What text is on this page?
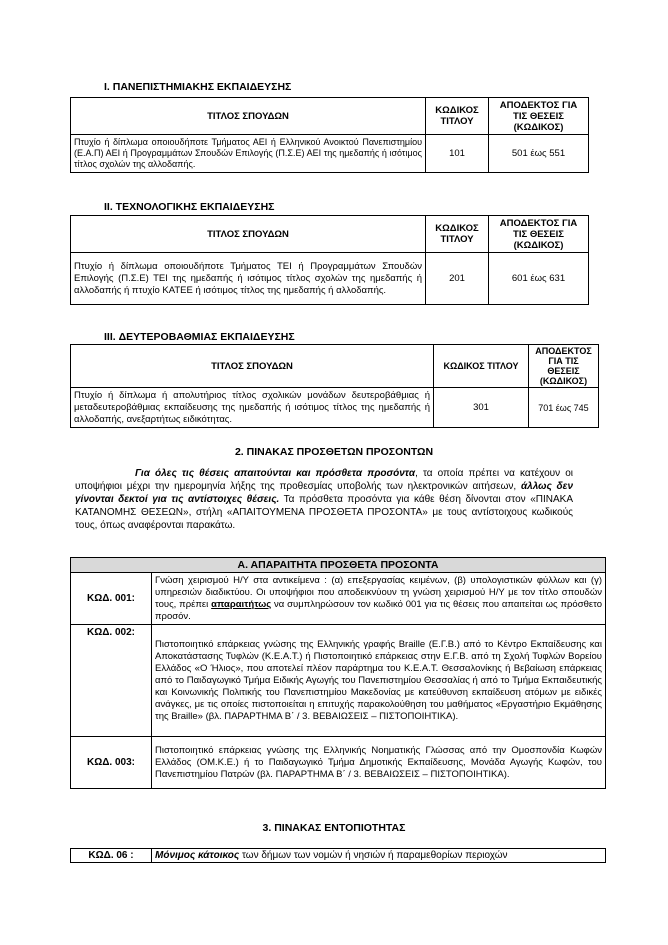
I. ΠΑΝΕΠΙΣΤΗΜΙΑΚΗΣ ΕΚΠΑΙΔΕΥΣΗΣ
ΤΙΤΛΟΣ ΣΠΟΥΔΩΝ	ΚΩΔΙΚΟΣ ΤΙΤΛΟΥ	ΑΠΟΔΕΚΤΟΣ ΓΙΑ ΤΙΣ ΘΕΣΕΙΣ (ΚΩΔΙΚΟΣ)
Πτυχίο ή δίπλωμα οποιουδήποτε Τμήματος ΑΕΙ ή Ελληνικού Ανοικτού Πανεπιστημίου (Ε.Α.Π) ΑΕΙ ή Προγραμμάτων Σπουδών Επιλογής (Π.Σ.Ε) ΑΕΙ της ημεδαπής ή ισότιμος τίτλος σχολών της αλλοδαπής.	101	501 έως 551
II. ΤΕΧΝΟΛΟΓΙΚΗΣ ΕΚΠΑΙΔΕΥΣΗΣ
ΤΙΤΛΟΣ ΣΠΟΥΔΩΝ	ΚΩΔΙΚΟΣ ΤΙΤΛΟΥ	ΑΠΟΔΕΚΤΟΣ ΓΙΑ ΤΙΣ ΘΕΣΕΙΣ (ΚΩΔΙΚΟΣ)
Πτυχίο ή δίπλωμα οποιουδήποτε Τμήματος ΤΕΙ ή Προγραμμάτων Σπουδών Επιλογής (Π.Σ.Ε) ΤΕΙ της ημεδαπής ή ισότιμος τίτλος σχολών της ημεδαπής ή αλλοδαπής ή πτυχίο ΚΑΤΕΕ ή ισότιμος τίτλος της ημεδαπής ή αλλοδαπής.	201	601 έως 631
III. ΔΕΥΤΕΡΟΒΑΘΜΙΑΣ ΕΚΠΑΙΔΕΥΣΗΣ
ΤΙΤΛΟΣ ΣΠΟΥΔΩΝ	ΚΩΔΙΚΟΣ ΤΙΤΛΟΥ	ΑΠΟΔΕΚΤΟΣ ΓΙΑ ΤΙΣ ΘΕΣΕΙΣ (ΚΩΔΙΚΟΣ)
Πτυχίο ή δίπλωμα ή απολυτήριος τίτλος σχολικών μονάδων δευτεροβάθμιας ή μεταδευτεροβάθμιας εκπαίδευσης της ημεδαπής ή ισότιμος τίτλος της ημεδαπής ή αλλοδαπής, ανεξαρτήτως ειδικότητας.	301	701 έως 745
2. ΠΙΝΑΚΑΣ ΠΡΟΣΘΕΤΩΝ ΠΡΟΣΟΝΤΩΝ
Για όλες τις θέσεις απαιτούνται και πρόσθετα προσόντα, τα οποία πρέπει να κατέχουν οι υποψήφιοι μέχρι την ημερομηνία λήξης της προθεσμίας υποβολής των ηλεκτρονικών αιτήσεων, άλλως δεν γίνονται δεκτοί για τις αντίστοιχες θέσεις. Τα πρόσθετα προσόντα για κάθε θέση δίνονται στον «ΠΙΝΑΚΑ ΚΑΤΑΝΟΜΗΣ ΘΕΣΕΩΝ», στήλη «ΑΠΑΙΤΟΥΜΕΝΑ ΠΡΟΣΘΕΤΑ ΠΡΟΣΟΝΤΑ» με τους αντίστοιχους κωδικούς τους, όπως αναφέρονται παρακάτω.
Α. ΑΠΑΡΑΙΤΗΤΑ ΠΡΟΣΘΕΤΑ ΠΡΟΣΟΝΤΑ	
ΚΩΔ. 001:	Γνώση χειρισμού Η/Υ στα αντικείμενα : (α) επεξεργασίας κειμένων, (β) υπολογιστικών φύλλων και (γ) υπηρεσιών διαδικτύου. Οι υποψήφιοι που αποδεικνύουν τη γνώση χειρισμού Η/Υ με τον τίτλο σπουδών τους, πρέπει απαραιτήτως να συμπληρώσουν τον κωδικό 001 για τις θέσεις που απαιτείται ως πρόσθετο προσόν.
ΚΩΔ. 002:	Πιστοποιητικό επάρκειας γνώσης της Ελληνικής γραφής Braille (Ε.Γ.Β.) από το Κέντρο Εκπαίδευσης και Αποκατάστασης Τυφλών (Κ.Ε.Α.Τ.) ή Πιστοποιητικό επάρκειας στην Ε.Γ.Β. από τη Σχολή Τυφλών Βορείου Ελλάδος «Ο Ήλιος», που αποτελεί πλέον παράρτημα του Κ.Ε.Α.Τ. Θεσσαλονίκης ή Βεβαίωση επάρκειας από το Παιδαγωγικό Τμήμα Ειδικής Αγωγής του Πανεπιστημίου Θεσσαλίας ή από το Τμήμα Εκπαιδευτικής και Κοινωνικής Πολιτικής του Πανεπιστημίου Μακεδονίας με κατεύθυνση εκπαίδευση ατόμων με ειδικές ανάγκες, με τις οποίες πιστοποιείται η επιτυχής παρακολούθηση του μαθήματος «Εργαστήριο Εκμάθησης της Braille» (βλ. ΠΑΡΑΡΤΗΜΑ Β΄ / 3. ΒΕΒΑΙΩΣΕΙΣ – ΠΙΣΤΟΠΟΙΗΤΙΚΑ).
ΚΩΔ. 003:	Πιστοποιητικό επάρκειας γνώσης της Ελληνικής Νοηματικής Γλώσσας από την Ομοσπονδία Κωφών Ελλάδος (ΟΜ.Κ.Ε.) ή το Παιδαγωγικό Τμήμα Δημοτικής Εκπαίδευσης, Μονάδα Αγωγής Κωφών, του Πανεπιστημίου Πατρών (βλ. ΠΑΡΑΡΤΗΜΑ Β΄ / 3. ΒΕΒΑΙΩΣΕΙΣ – ΠΙΣΤΟΠΟΙΗΤΙΚΑ).
3. ΠΙΝΑΚΑΣ ΕΝΤΟΠΙΟΤΗΤΑΣ
ΚΩΔ. 06 :	Μόνιμος κάτοικος των δήμων των νομών ή νησιών ή παραμεθορίων περιοχών
